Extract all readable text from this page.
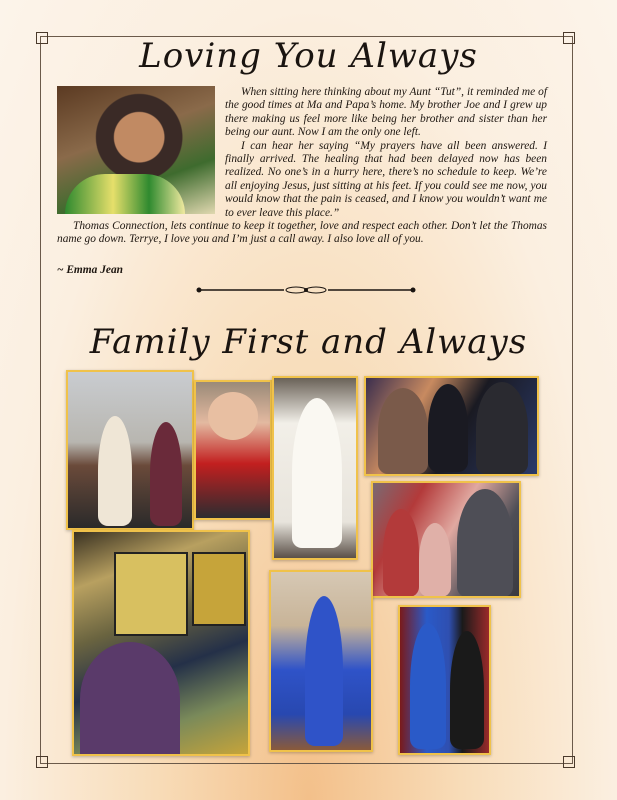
Loving You Always

When sitting here thinking about my Aunt “Tut”, it reminded me of the good times at Ma and Papa’s home. My brother Joe and I grew up there making us feel more like being her brother and sister than her being our aunt. Now I am the only one left.

I can hear her saying “My prayers have all been answered. I finally arrived. The healing that had been delayed now has been realized. No one’s in a hurry here, there’s no schedule to keep. We’re all enjoying Jesus, just sitting at his feet. If you could see me now, you would know that the pain is ceased, and I know you wouldn’t want me to ever leave this place.”

Thomas Connection, lets continue to keep it together, love and respect each other. Don’t let the Thomas name go down. Terrye, I love you and I’m just a call away. I also love all of you.

~ Emma Jean
Family First and Always
